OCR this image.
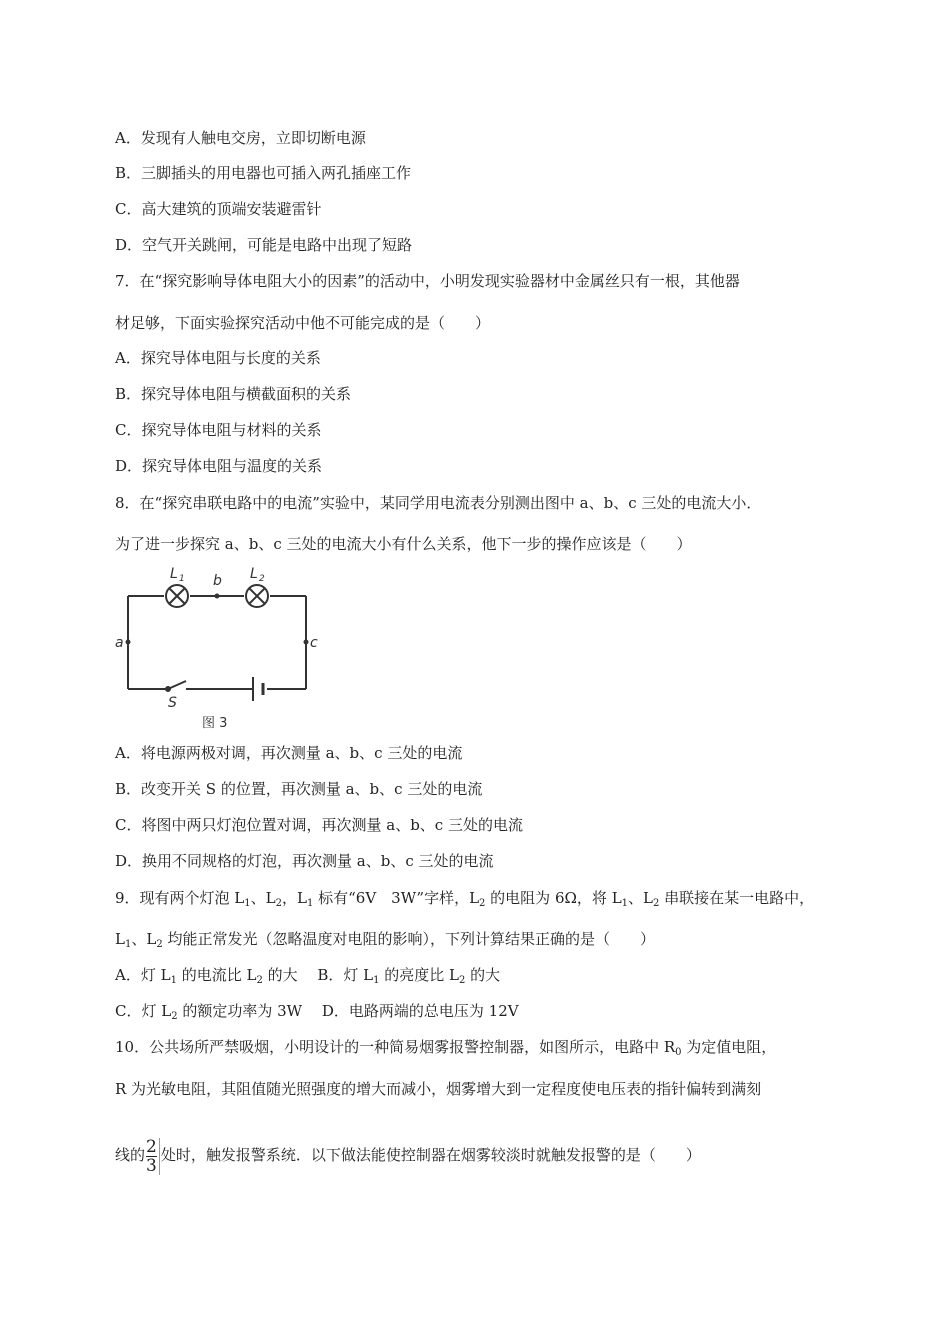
A．发现有人触电交房，立即切断电源
B．三脚插头的用电器也可插入两孔插座工作
C．高大建筑的顶端安装避雷针
D．空气开关跳闸，可能是电路中出现了短路
7．在“探究影响导体电阻大小的因素”的活动中，小明发现实验器材中金属丝只有一根，其他器
材足够，下面实验探究活动中他不可能完成的是（　　）
A．探究导体电阻与长度的关系
B．探究导体电阻与横截面积的关系
C．探究导体电阻与材料的关系
D．探究导体电阻与温度的关系
8．在“探究串联电路中的电流”实验中，某同学用电流表分别测出图中 a、b、c 三处的电流大小．
为了进一步探究 a、b、c 三处的电流大小有什么关系，他下一步的操作应该是（　　）
L 1	L 2
b
a	c
S
图 3
A．将电源两极对调，再次测量 a、b、c 三处的电流
B．改变开关 S 的位置，再次测量 a、b、c 三处的电流
C．将图中两只灯泡位置对调，再次测量 a、b、c 三处的电流
D．换用不同规格的灯泡，再次测量 a、b、c 三处的电流
9．现有两个灯泡 $L_1$、$L_2$，$L_1$ 标有“6V　3W”字样，$L_2$ 的电阻为 6Ω，将 $L_1$、$L_2$ 串联接在某一电路中，
$L_1$、$L_2$ 均能正常发光（忽略温度对电阻的影响），下列计算结果正确的是（　　）
A．灯 $L_1$ 的电流比 $L_2$ 的大　 B．灯 $L_1$ 的亮度比 $L_2$ 的大
C．灯 $L_2$ 的额定功率为 3W　 D．电路两端的总电压为 12V
10．公共场所严禁吸烟，小明设计的一种简易烟雾报警控制器，如图所示，电路中 $R_0$ 为定值电阻，
R 为光敏电阻，其阻值随光照强度的增大而减小，烟雾增大到一定程度使电压表的指针偏转到满刻
线的 $\frac{2}{3}$ 处时，触发报警系统．以下做法能使控制器在烟雾较淡时就触发报警的是（　　）
